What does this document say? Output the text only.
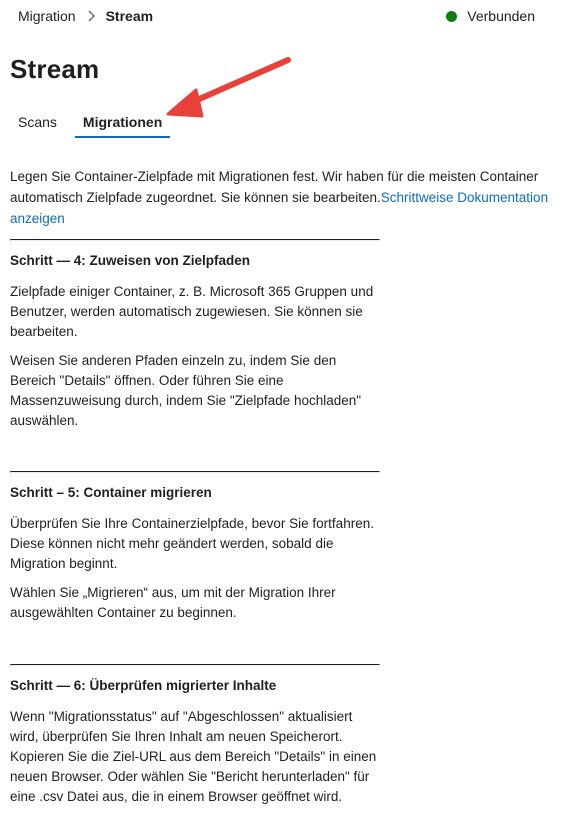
Migration Stream	Verbunden
Stream
Scans	Migrationen
Legen Sie Container-Zielpfade mit Migrationen fest. Wir haben für die meisten Container automatisch Zielpfade zugeordnet. Sie können sie bearbeiten.Schrittweise Dokumentation anzeigen
Schritt — 4: Zuweisen von Zielpfaden

Zielpfade einiger Container, z. B. Microsoft 365 Gruppen und Benutzer, werden automatisch zugewiesen. Sie können sie bearbeiten.

Weisen Sie anderen Pfaden einzeln zu, indem Sie den Bereich "Details" öffnen. Oder führen Sie eine Massenzuweisung durch, indem Sie "Zielpfade hochladen" auswählen.

Schritt – 5: Container migrieren

Überprüfen Sie Ihre Containerzielpfade, bevor Sie fortfahren. Diese können nicht mehr geändert werden, sobald die Migration beginnt.

Wählen Sie „Migrieren“ aus, um mit der Migration Ihrer ausgewählten Container zu beginnen.

Schritt — 6: Überprüfen migrierter Inhalte

Wenn "Migrationsstatus" auf "Abgeschlossen" aktualisiert wird, überprüfen Sie Ihren Inhalt am neuen Speicherort. Kopieren Sie die Ziel-URL aus dem Bereich "Details" in einen neuen Browser. Oder wählen Sie "Bericht herunterladen" für eine .csv Datei aus, die in einem Browser geöffnet wird.
